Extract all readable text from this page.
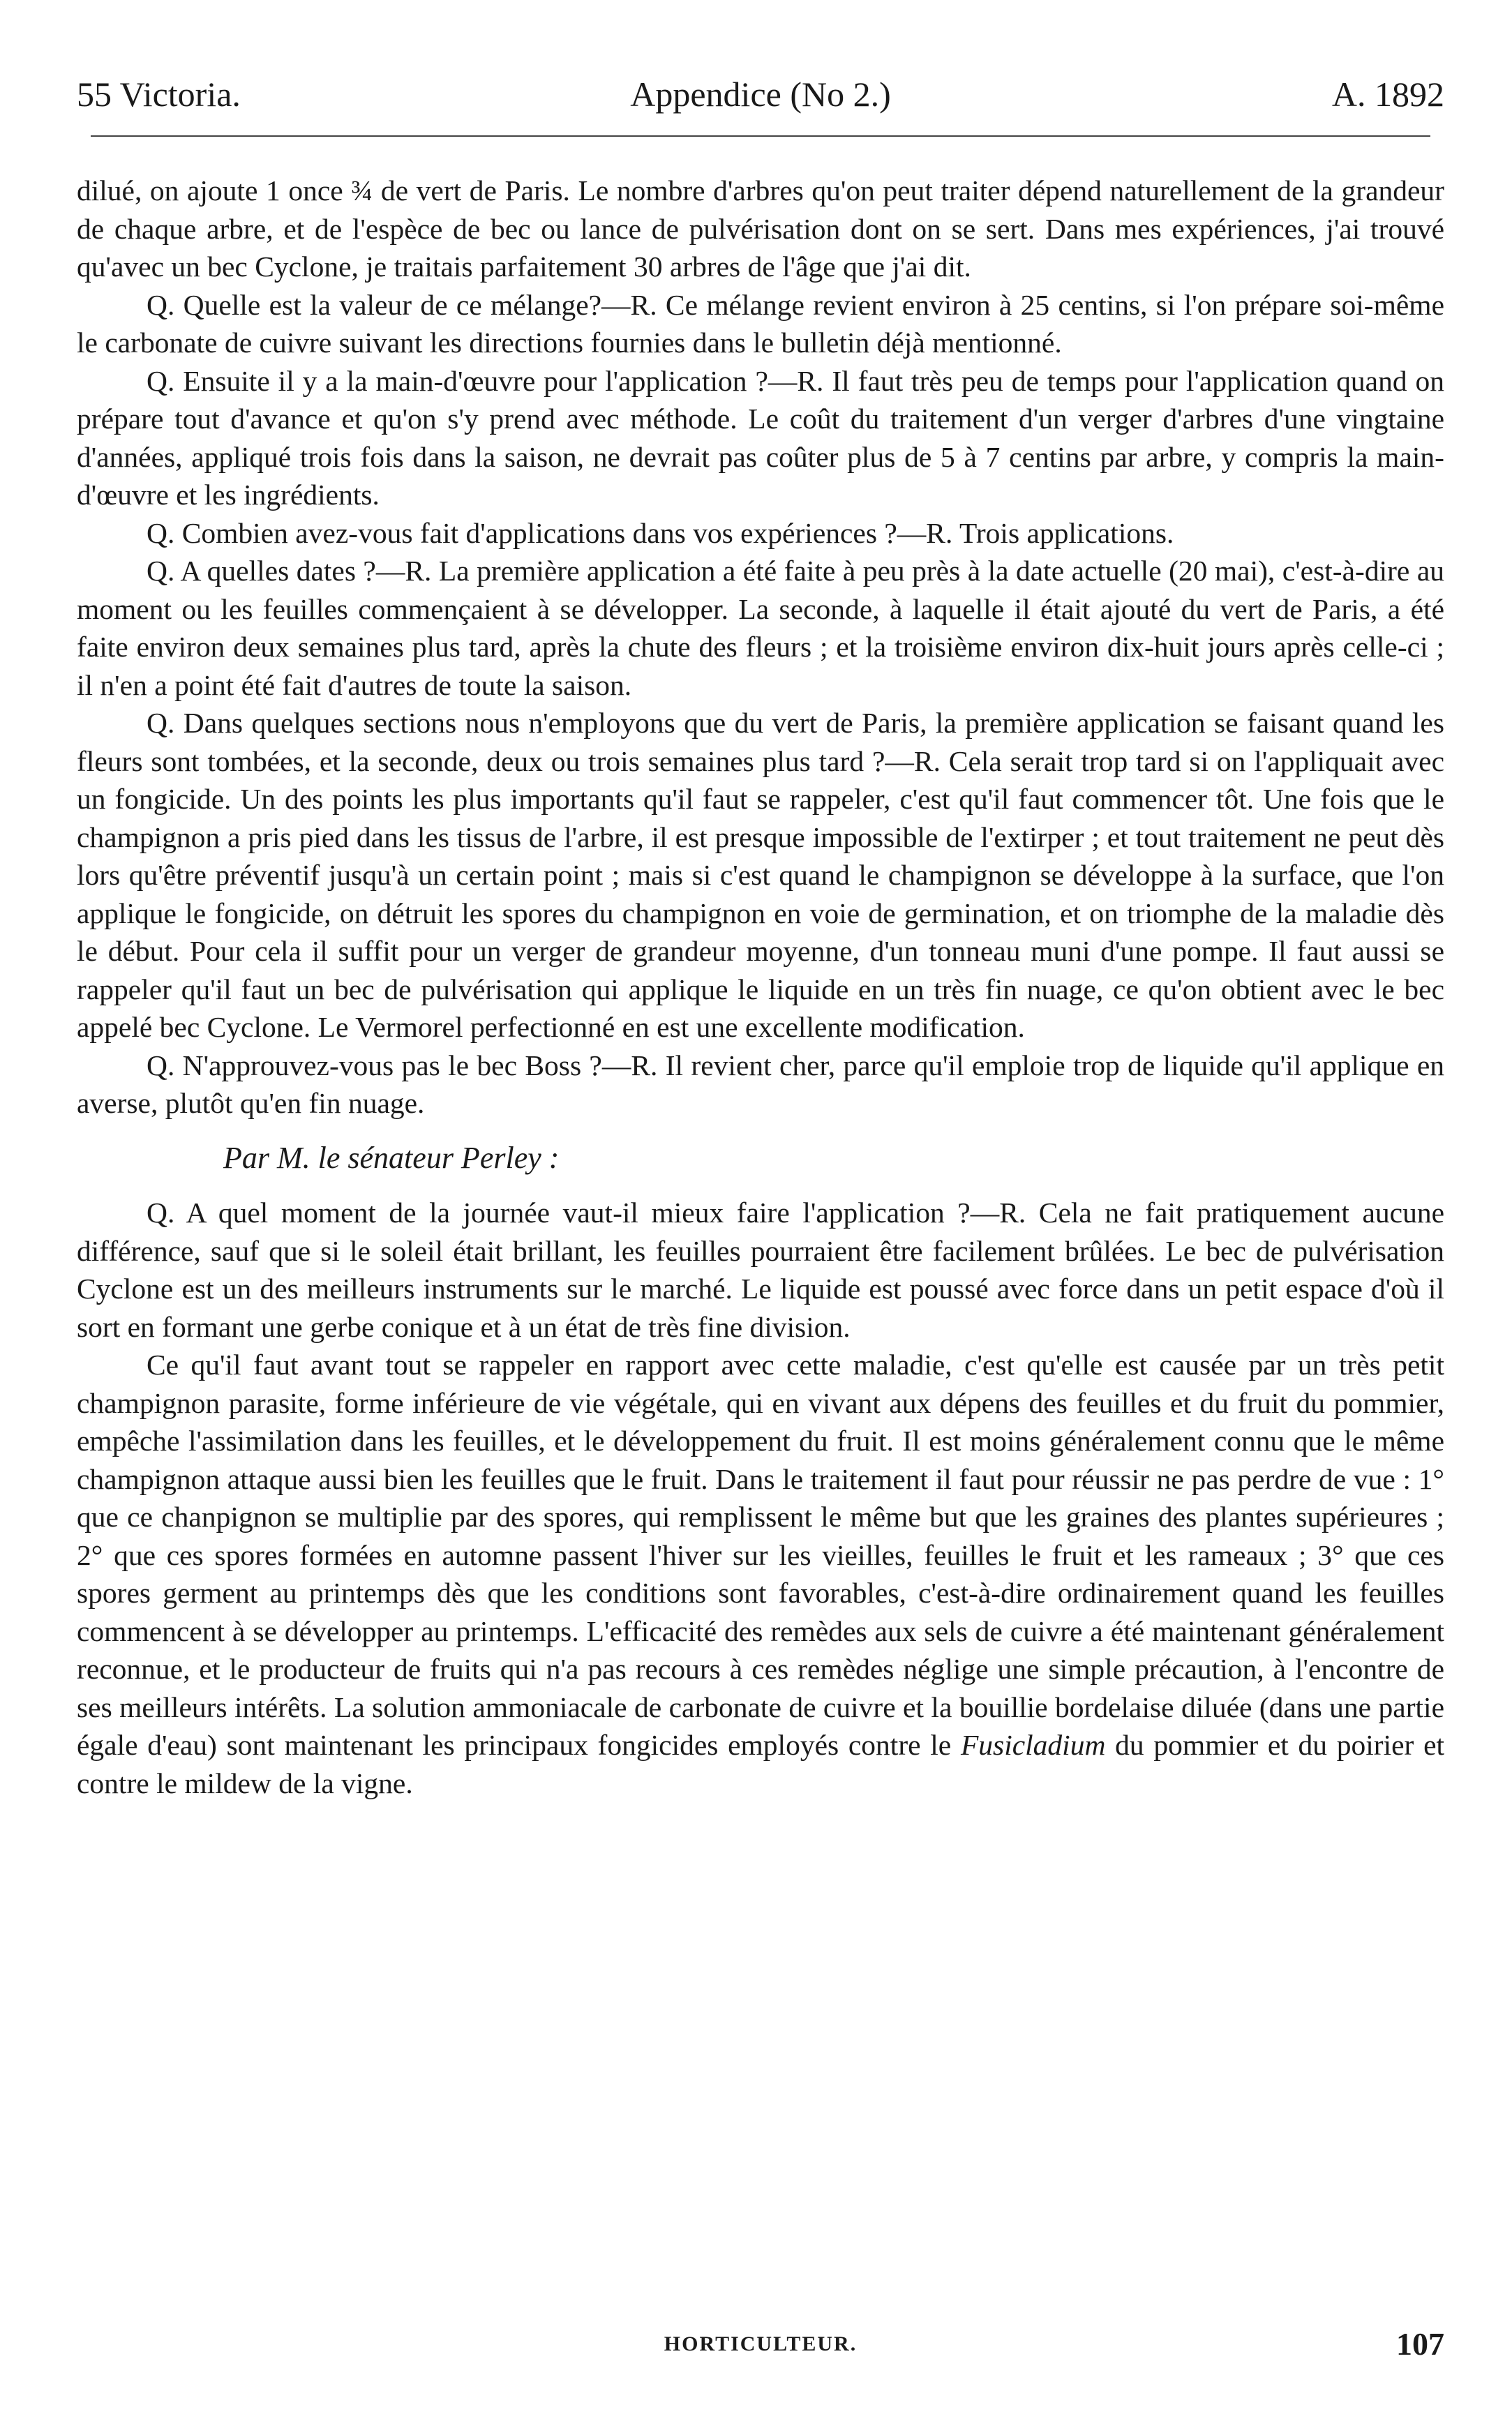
55 Victoria.	Appendice (No 2.)	A. 1892

dilué, on ajoute 1 once ¾ de vert de Paris. Le nombre d'arbres qu'on peut traiter dépend naturellement de la grandeur de chaque arbre, et de l'espèce de bec ou lance de pulvérisation dont on se sert. Dans mes expériences, j'ai trouvé qu'avec un bec Cyclone, je traitais parfaitement 30 arbres de l'âge que j'ai dit.

Q. Quelle est la valeur de ce mélange?—R. Ce mélange revient environ à 25 centins, si l'on prépare soi-même le carbonate de cuivre suivant les directions fournies dans le bulletin déjà mentionné.

Q. Ensuite il y a la main-d'œuvre pour l'application ?—R. Il faut très peu de temps pour l'application quand on prépare tout d'avance et qu'on s'y prend avec méthode. Le coût du traitement d'un verger d'arbres d'une vingtaine d'années, appliqué trois fois dans la saison, ne devrait pas coûter plus de 5 à 7 centins par arbre, y compris la main-d'œuvre et les ingrédients.

Q. Combien avez-vous fait d'applications dans vos expériences ?—R. Trois applications.

Q. A quelles dates ?—R. La première application a été faite à peu près à la date actuelle (20 mai), c'est-à-dire au moment ou les feuilles commençaient à se développer. La seconde, à laquelle il était ajouté du vert de Paris, a été faite environ deux semaines plus tard, après la chute des fleurs ; et la troisième environ dix-huit jours après celle-ci ; il n'en a point été fait d'autres de toute la saison.

Q. Dans quelques sections nous n'employons que du vert de Paris, la première application se faisant quand les fleurs sont tombées, et la seconde, deux ou trois semaines plus tard ?—R. Cela serait trop tard si on l'appliquait avec un fongicide. Un des points les plus importants qu'il faut se rappeler, c'est qu'il faut commencer tôt. Une fois que le champignon a pris pied dans les tissus de l'arbre, il est presque impossible de l'extirper ; et tout traitement ne peut dès lors qu'être préventif jusqu'à un certain point ; mais si c'est quand le champignon se développe à la surface, que l'on applique le fongicide, on détruit les spores du champignon en voie de germination, et on triomphe de la maladie dès le début. Pour cela il suffit pour un verger de grandeur moyenne, d'un tonneau muni d'une pompe. Il faut aussi se rappeler qu'il faut un bec de pulvérisation qui applique le liquide en un très fin nuage, ce qu'on obtient avec le bec appelé bec Cyclone. Le Vermorel perfectionné en est une excellente modification.

Q. N'approuvez-vous pas le bec Boss ?—R. Il revient cher, parce qu'il emploie trop de liquide qu'il applique en averse, plutôt qu'en fin nuage.

Par M. le sénateur Perley :

Q. A quel moment de la journée vaut-il mieux faire l'application ?—R. Cela ne fait pratiquement aucune différence, sauf que si le soleil était brillant, les feuilles pourraient être facilement brûlées. Le bec de pulvérisation Cyclone est un des meilleurs instruments sur le marché. Le liquide est poussé avec force dans un petit espace d'où il sort en formant une gerbe conique et à un état de très fine division.

Ce qu'il faut avant tout se rappeler en rapport avec cette maladie, c'est qu'elle est causée par un très petit champignon parasite, forme inférieure de vie végétale, qui en vivant aux dépens des feuilles et du fruit du pommier, empêche l'assimilation dans les feuilles, et le développement du fruit. Il est moins généralement connu que le même champignon attaque aussi bien les feuilles que le fruit. Dans le traitement il faut pour réussir ne pas perdre de vue : 1° que ce chanpignon se multiplie par des spores, qui remplissent le même but que les graines des plantes supérieures ; 2° que ces spores formées en automne passent l'hiver sur les vieilles, feuilles le fruit et les rameaux ; 3° que ces spores germent au printemps dès que les conditions sont favorables, c'est-à-dire ordinairement quand les feuilles commencent à se développer au printemps. L'efficacité des remèdes aux sels de cuivre a été maintenant généralement reconnue, et le producteur de fruits qui n'a pas recours à ces remèdes néglige une simple précaution, à l'encontre de ses meilleurs intérêts. La solution ammoniacale de carbonate de cuivre et la bouillie bordelaise diluée (dans une partie égale d'eau) sont maintenant les principaux fongicides employés contre le Fusicladium du pommier et du poirier et contre le mildew de la vigne.

HORTICULTEUR.	107
